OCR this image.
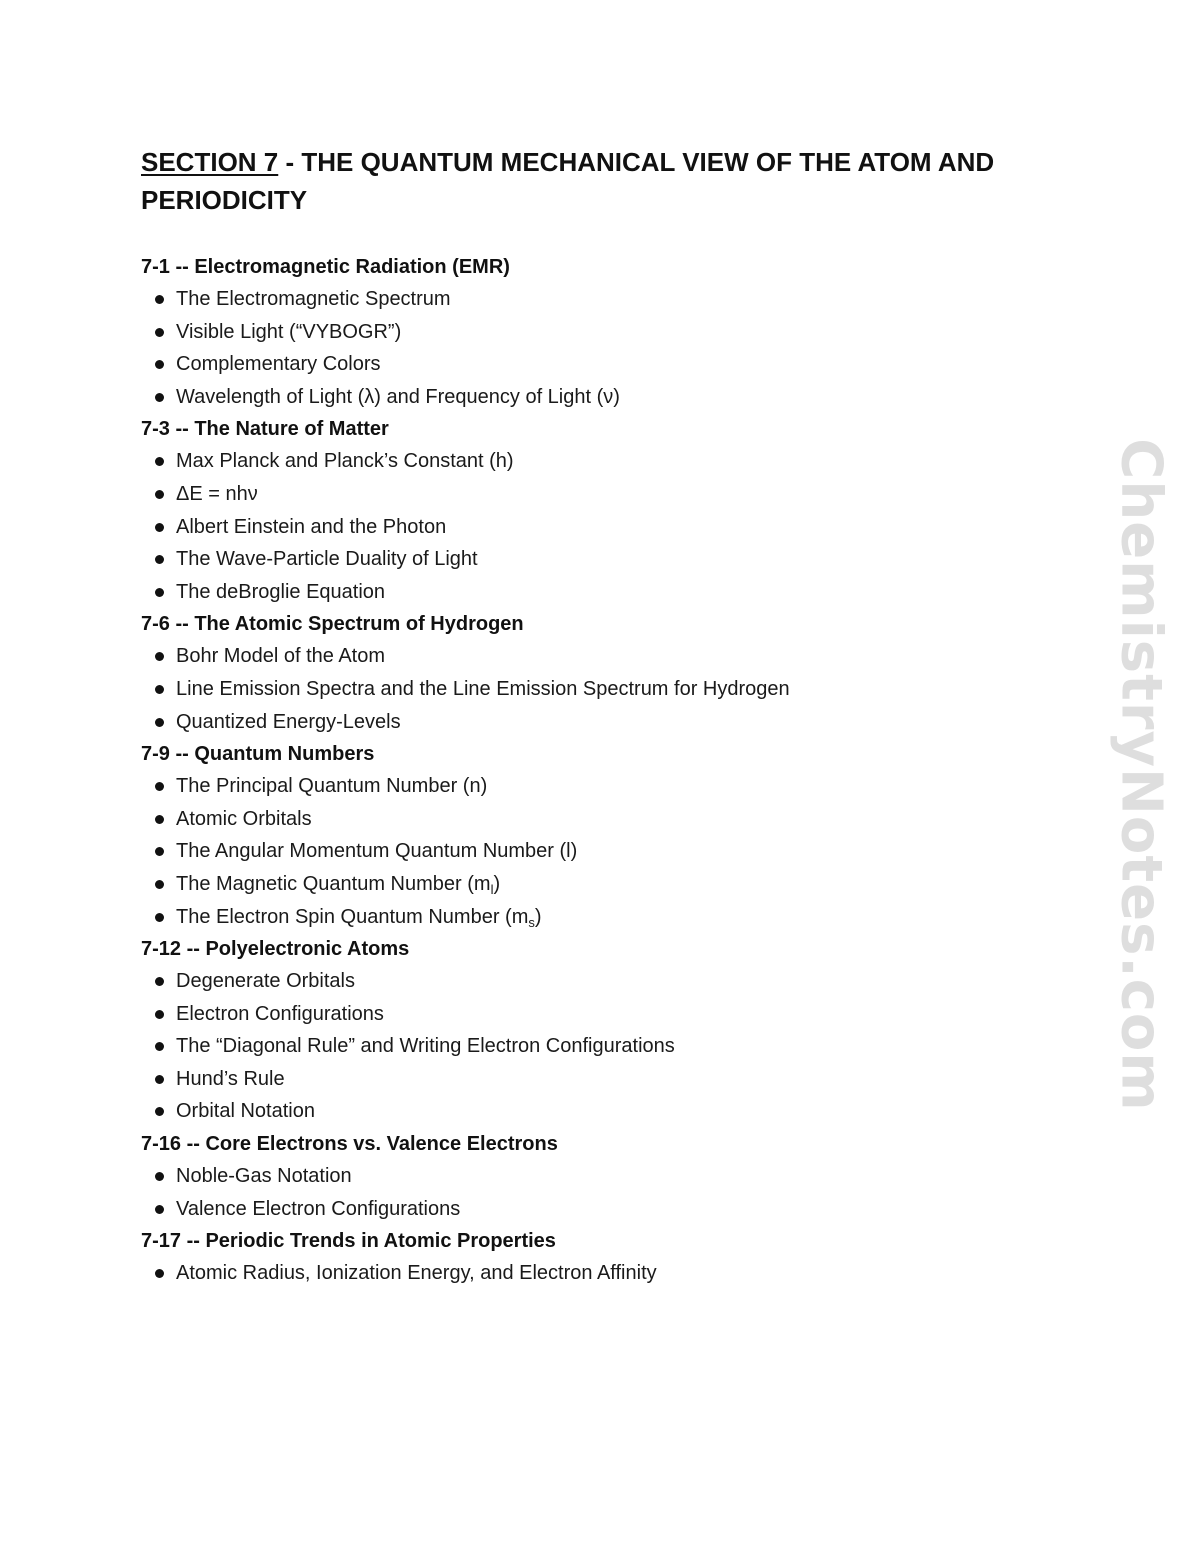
SECTION 7 - THE QUANTUM MECHANICAL VIEW OF THE ATOM AND PERIODICITY
7-1 -- Electromagnetic Radiation (EMR)
The Electromagnetic Spectrum
Visible Light (“VYBOGR”)
Complementary Colors
Wavelength of Light (λ) and Frequency of Light (ν)
7-3 -- The Nature of Matter
Max Planck and Planck’s Constant (h)
ΔE = nhν
Albert Einstein and the Photon
The Wave-Particle Duality of Light
The deBroglie Equation
7-6 -- The Atomic Spectrum of Hydrogen
Bohr Model of the Atom
Line Emission Spectra and the Line Emission Spectrum for Hydrogen
Quantized Energy-Levels
7-9 -- Quantum Numbers
The Principal Quantum Number (n)
Atomic Orbitals
The Angular Momentum Quantum Number (l)
The Magnetic Quantum Number $(m_l)$
The Electron Spin Quantum Number $(m_s)$
7-12 -- Polyelectronic Atoms
Degenerate Orbitals
Electron Configurations
The “Diagonal Rule” and Writing Electron Configurations
Hund’s Rule
Orbital Notation
7-16 -- Core Electrons vs. Valence Electrons
Noble-Gas Notation
Valence Electron Configurations
7-17 -- Periodic Trends in Atomic Properties
Atomic Radius, Ionization Energy, and Electron Affinity
ChemistryNotes.com
